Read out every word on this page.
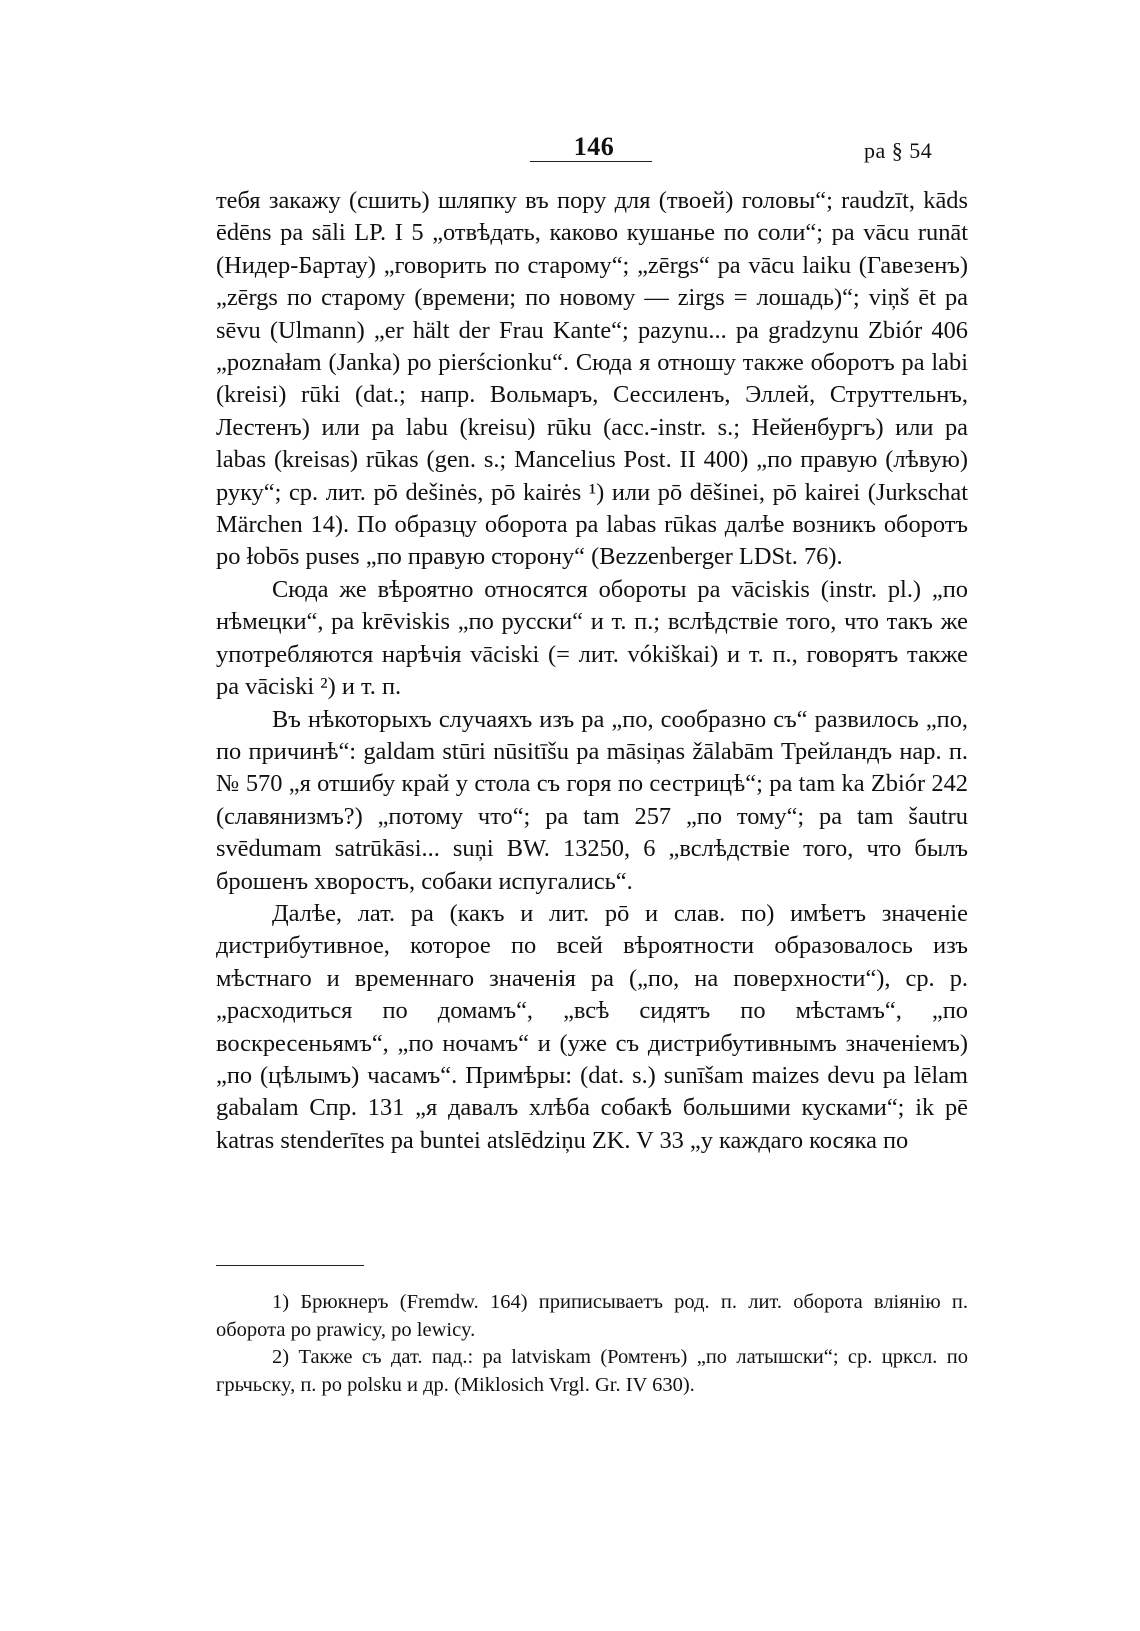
146	pa § 54

тебя закажу (сшить) шляпку въ пору для (твоей) головы“; raudzīt, kāds ēdēns pa sāli LP. I 5 „отвѣдать, каково кушанье по соли“; pa vācu runāt (Нидер-Бартау) „говорить по старому“; „zērgs“ pa vācu laiku (Гавезенъ) „zērgs по старому (времени; по новому — zirgs = лошадь)“; viņš ēt pa sēvu (Ulmann) „er hält der Frau Kante“; pazynu... pa gradzynu Zbiór 406 „poznałam (Janka) po pierścionku“. Сюда я отношу также оборотъ pa labi (kreisi) rūki (dat.; напр. Вольмаръ, Сессиленъ, Эллей, Струттельнъ, Лестенъ) или pa labu (kreisu) rūku (acc.-instr. s.; Нейенбургъ) или pa labas (kreisas) rūkas (gen. s.; Mancelius Post. II 400) „по правую (лѣвую) руку“; ср. лит. pō dešinės, pō kairės ¹) или pō dēšinei, pō kairei (Jurkschat Märchen 14). По образцу оборота pa labas rūkas далѣе возникъ оборотъ po łobōs puses „по правую сторону“ (Bezzenberger LDSt. 76).

Сюда же вѣроятно относятся обороты pa vāciskis (instr. pl.) „по нѣмецки“, pa krēviskis „по русски“ и т. п.; вслѣдствіе того, что такъ же употребляются нарѣчія vāciski (= лит. vókiškai) и т. п., говорятъ также pa vāciski ²) и т. п.

Въ нѣкоторыхъ случаяхъ изъ pa „по, сообразно съ“ развилось „по, по причинѣ“: galdam stūri nūsitīšu pa māsiņas žālabām Трейландъ нар. п. № 570 „я отшибу край у стола съ горя по сестрицѣ“; pa tam ka Zbiór 242 (славянизмъ?) „потому что“; pa tam 257 „по тому“; pa tam šautru svēdumam satrūkāsi... suņi BW. 13250, 6 „вслѣдствіе того, что былъ брошенъ хворостъ, собаки испугались“.

Далѣе, лат. pa (какъ и лит. pō и слав. по) имѣетъ значеніе дистрибутивное, которое по всей вѣроятности образовалось изъ мѣстнаго и временнаго значенія pa („по, на поверхности“), ср. р. „расходиться по домамъ“, „всѣ сидятъ по мѣстамъ“, „по воскресеньямъ“, „по ночамъ“ и (уже съ дистрибутивнымъ значеніемъ) „по (цѣлымъ) часамъ“. Примѣры: (dat. s.) sunīšam maizes devu pa lēlam gabalam Спр. 131 „я давалъ хлѣба собакѣ большими кусками“; ik pē katras stenderītes pa buntei atslēdziņu ZK. V 33 „у каждаго косяка по

1) Брюкнеръ (Fremdw. 164) приписываетъ род. п. лит. оборота вліянію п. оборота po prawicy, po lewicy.

2) Также съ дат. пад.: pa latviskam (Ромтенъ) „по латышски“; ср. цркcл. по грьчьскy, п. po polsku и др. (Miklosich Vrgl. Gr. IV 630).
